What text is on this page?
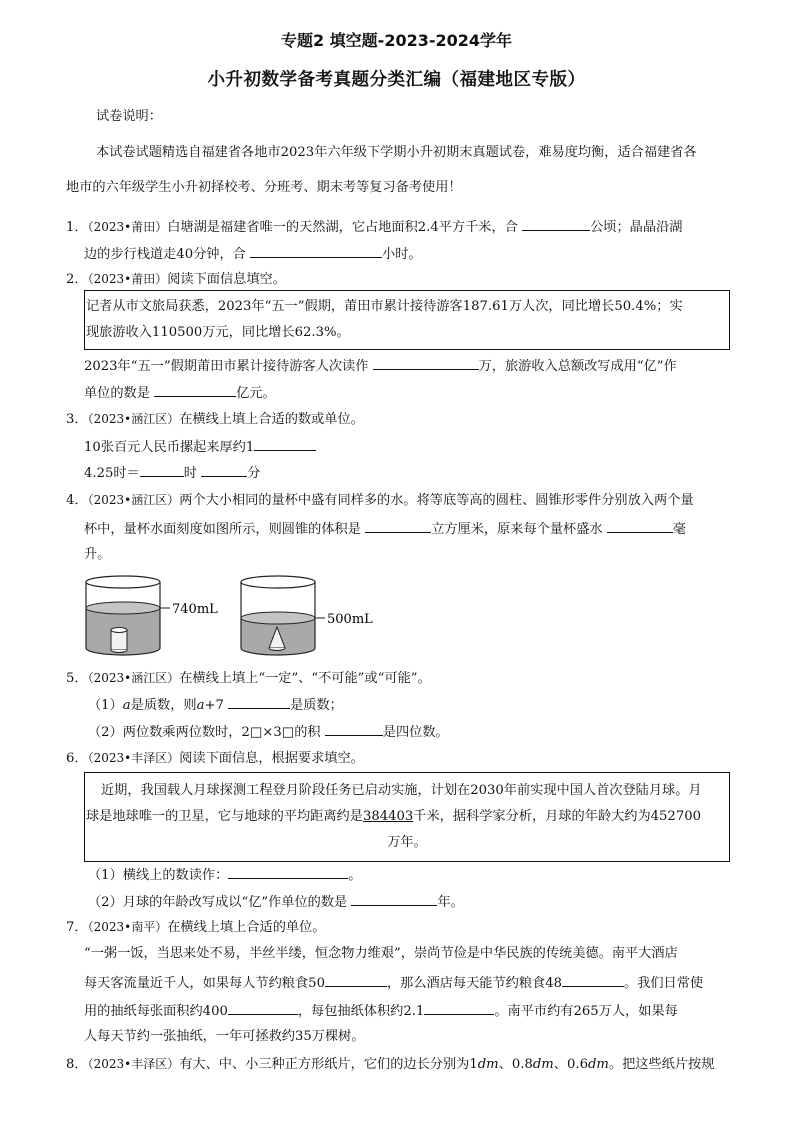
专题2 填空题-2023-2024学年
小升初数学备考真题分类汇编（福建地区专版）
试卷说明：
本试卷试题精选自福建省各地市2023年六年级下学期小升初期末真题试卷，难易度均衡，适合福建省各
地市的六年级学生小升初择校考、分班考、期末考等复习备考使用！
1．（2023•莆田）白塘湖是福建省唯一的天然湖，它占地面积2.4平方千米，合	公顷；晶晶沿湖
边的步行栈道走40分钟，合	小时。
2．（2023•莆田）阅读下面信息填空。
记者从市文旅局获悉，2023年“五一”假期，莆田市累计接待游客187.61万人次，同比增长50.4%；实
现旅游收入110500万元，同比增长62.3%。
2023年“五一”假期莆田市累计接待游客人次读作	万，旅游收入总额改写成用“亿”作
单位的数是	亿元。
3．（2023•涵江区）在横线上填上合适的数或单位。
10张百元人民币摞起来厚约1
4.25时＝	时	分
4．（2023•涵江区）两个大小相同的量杯中盛有同样多的水。将等底等高的圆柱、圆锥形零件分别放入两个量
杯中，量杯水面刻度如图所示，则圆锥的体积是	立方厘米，原来每个量杯盛水	毫
升。
740mL
500mL
5．（2023•涵江区）在横线上填上“一定”、“不可能”或“可能”。
（1）a是质数，则a+7	是质数；
（2）两位数乘两位数时，2□×3□的积	是四位数。
6．（2023•丰泽区）阅读下面信息，根据要求填空。
近期，我国载人月球探测工程登月阶段任务已启动实施，计划在2030年前实现中国人首次登陆月球。月
球是地球唯一的卫星，它与地球的平均距离约是384403千米，据科学家分析，月球的年龄大约为452700
万年。
（1）横线上的数读作：	。
（2）月球的年龄改写成以“亿”作单位的数是	年。
7．（2023•南平）在横线上填上合适的单位。
“一粥一饭，当思来处不易，半丝半缕，恒念物力维艰”，崇尚节俭是中华民族的传统美德。南平大酒店
每天客流量近千人，如果每人节约粮食50	，那么酒店每天能节约粮食48	。我们日常使
用的抽纸每张面积约400	，每包抽纸体积约2.1	。南平市约有265万人，如果每
人每天节约一张抽纸，一年可拯救约35万棵树。
8．（2023•丰泽区）有大、中、小三种正方形纸片，它们的边长分别为1dm、0.8dm、0.6dm。把这些纸片按规
